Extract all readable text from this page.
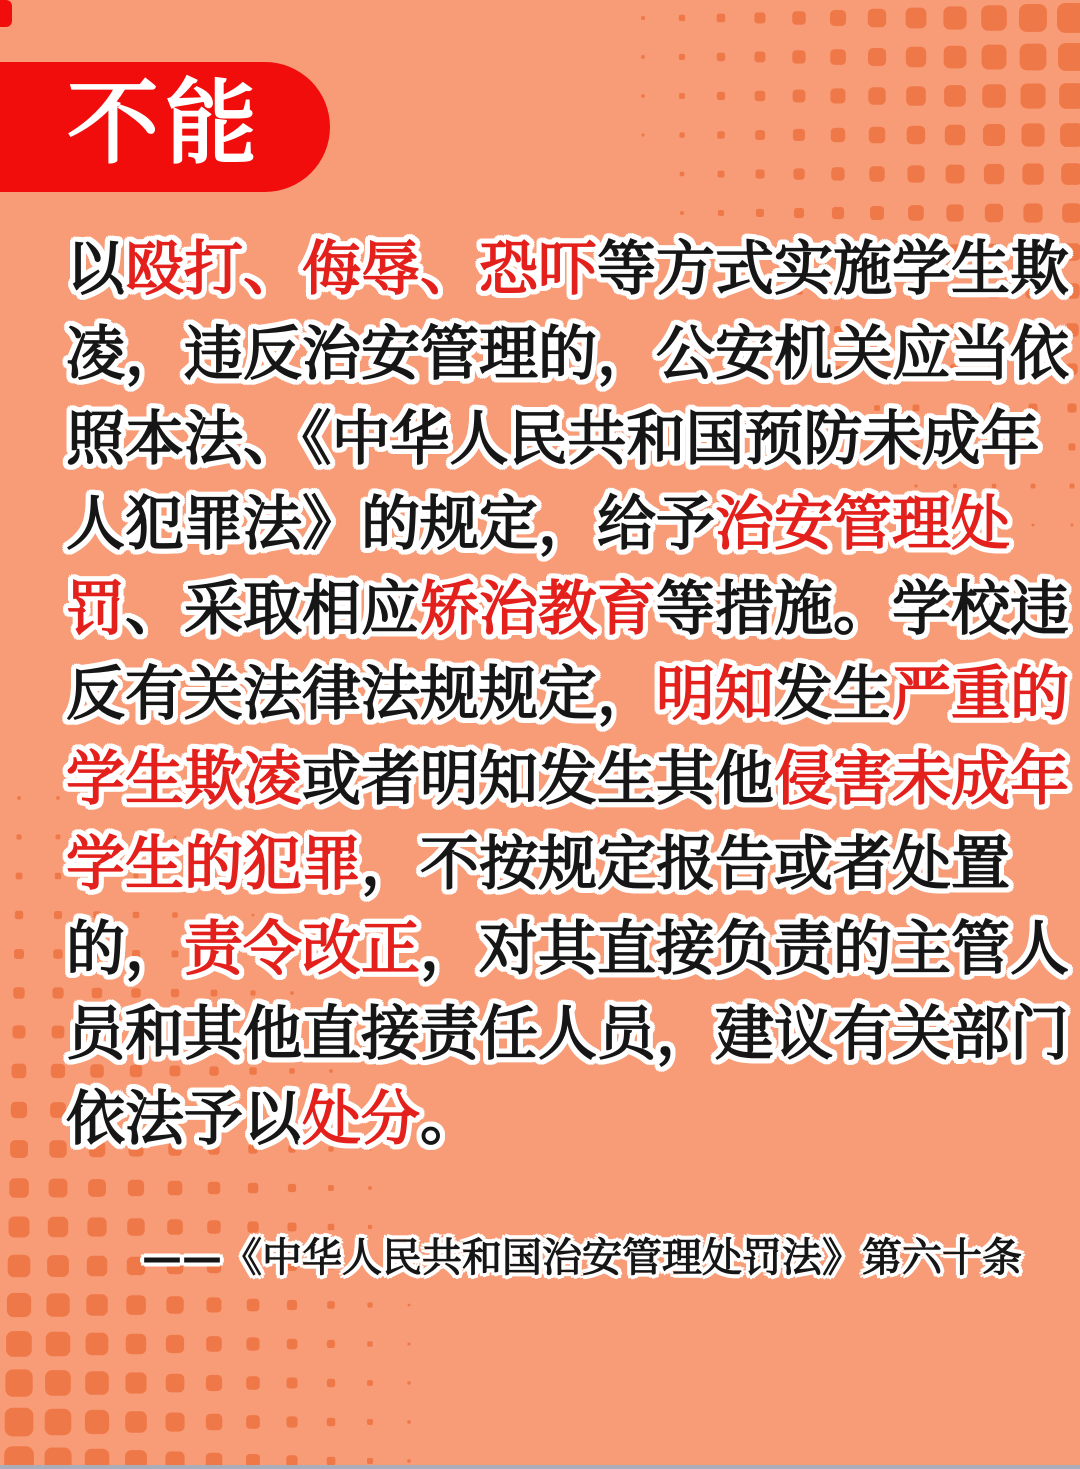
不能
以殴打、侮辱、恐吓等方式实施学生欺
凌，违反治安管理的，公安机关应当依
照本法、《中华人民共和国预防未成年
人犯罪法》的规定，给予治安管理处
罚、采取相应矫治教育等措施。学校违
反有关法律法规规定，明知发生严重的
学生欺凌或者明知发生其他侵害未成年
学生的犯罪，不按规定报告或者处置
的，责令改正，对其直接负责的主管人
员和其他直接责任人员，建议有关部门
依法予以处分。
——《中华人民共和国治安管理处罚法》第六十条
